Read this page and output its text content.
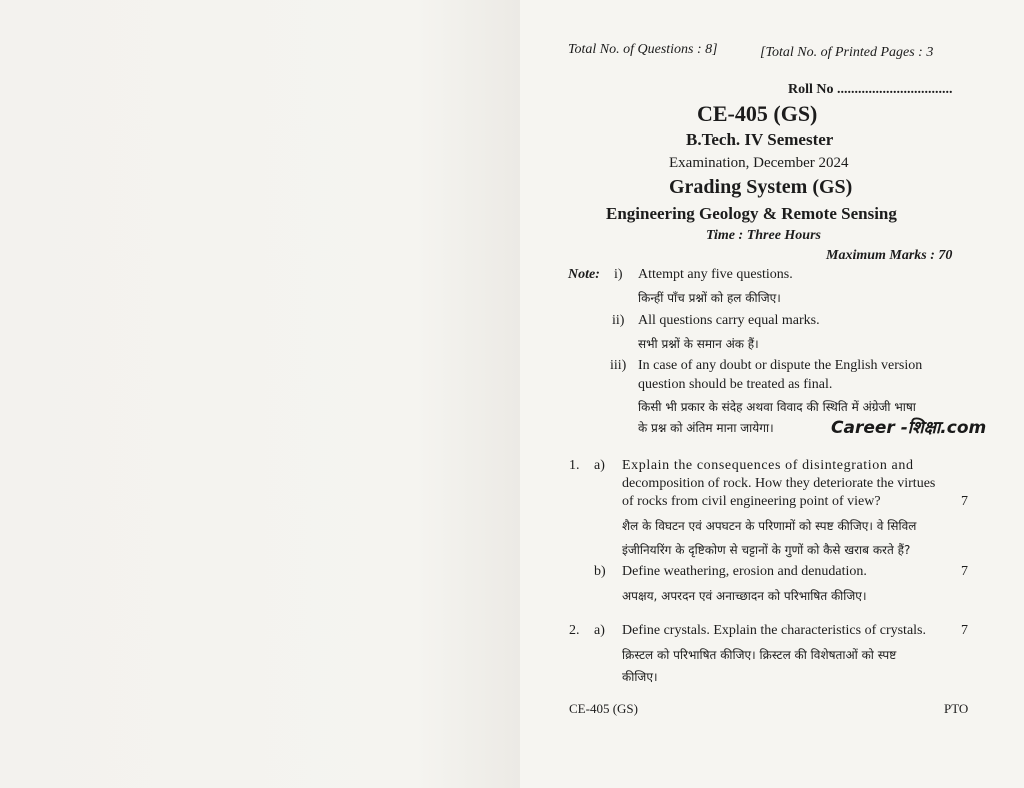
Total No. of Questions : 8]	[Total No. of Printed Pages : 3
Roll No .................................
CE-405 (GS)
B.Tech. IV Semester
Examination, December 2024
Grading System (GS)
Engineering Geology & Remote Sensing
Time : Three Hours
Maximum Marks : 70
Note: i) Attempt any five questions.
किन्हीं पाँच प्रश्नों को हल कीजिए।
ii) All questions carry equal marks.
सभी प्रश्नों के समान अंक हैं।
iii) In case of any doubt or dispute the English version
question should be treated as final.
किसी भी प्रकार के संदेह अथवा विवाद की स्थिति में अंग्रेजी भाषा
के प्रश्न को अंतिम माना जायेगा।	Career -शिक्षा.com
1. a) Explain the consequences of disintegration and
decomposition of rock. How they deteriorate the virtues
of rocks from civil engineering point of view?	7
शैल के विघटन एवं अपघटन के परिणामों को स्पष्ट कीजिए। वे सिविल
इंजीनियरिंग के दृष्टिकोण से चट्टानों के गुणों को कैसे खराब करते हैं?
b) Define weathering, erosion and denudation.	7
अपक्षय, अपरदन एवं अनाच्छादन को परिभाषित कीजिए।
2. a) Define crystals. Explain the characteristics of crystals.	7
क्रिस्टल को परिभाषित कीजिए। क्रिस्टल की विशेषताओं को स्पष्ट
कीजिए।
CE-405 (GS)	PTO
